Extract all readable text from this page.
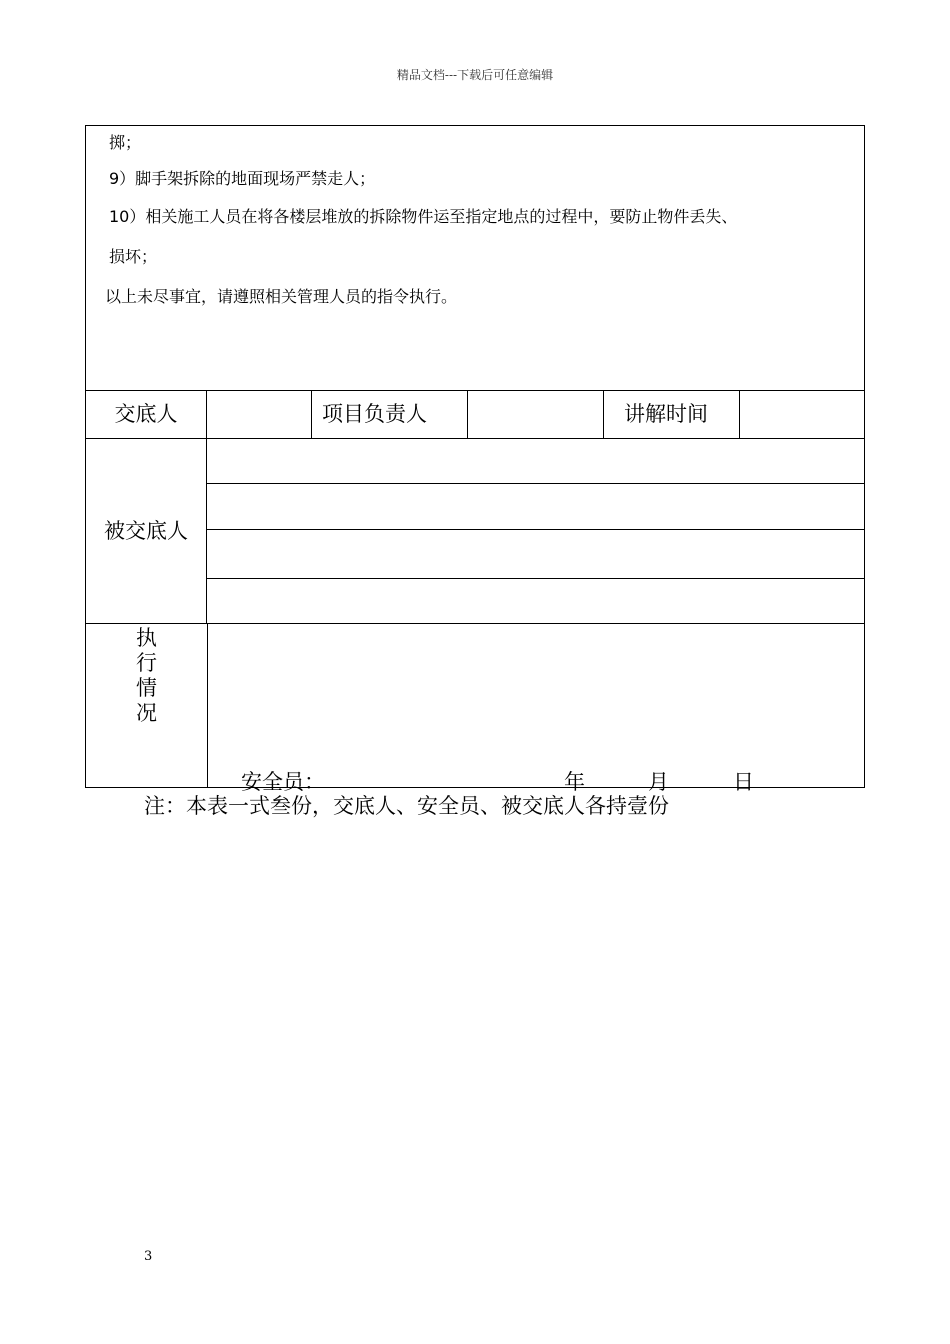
精品文档---下载后可任意编辑
掷；
9）脚手架拆除的地面现场严禁走人；
10）相关施工人员在将各楼层堆放的拆除物件运至指定地点的过程中，要防止物件丢失、
损坏；
以上未尽事宜，请遵照相关管理人员的指令执行。
交底人	项目负责人	讲解时间
被交底人
执
行
情
况
安全员：	年	月	日
注：本表一式叁份，交底人、安全员、被交底人各持壹份
3
